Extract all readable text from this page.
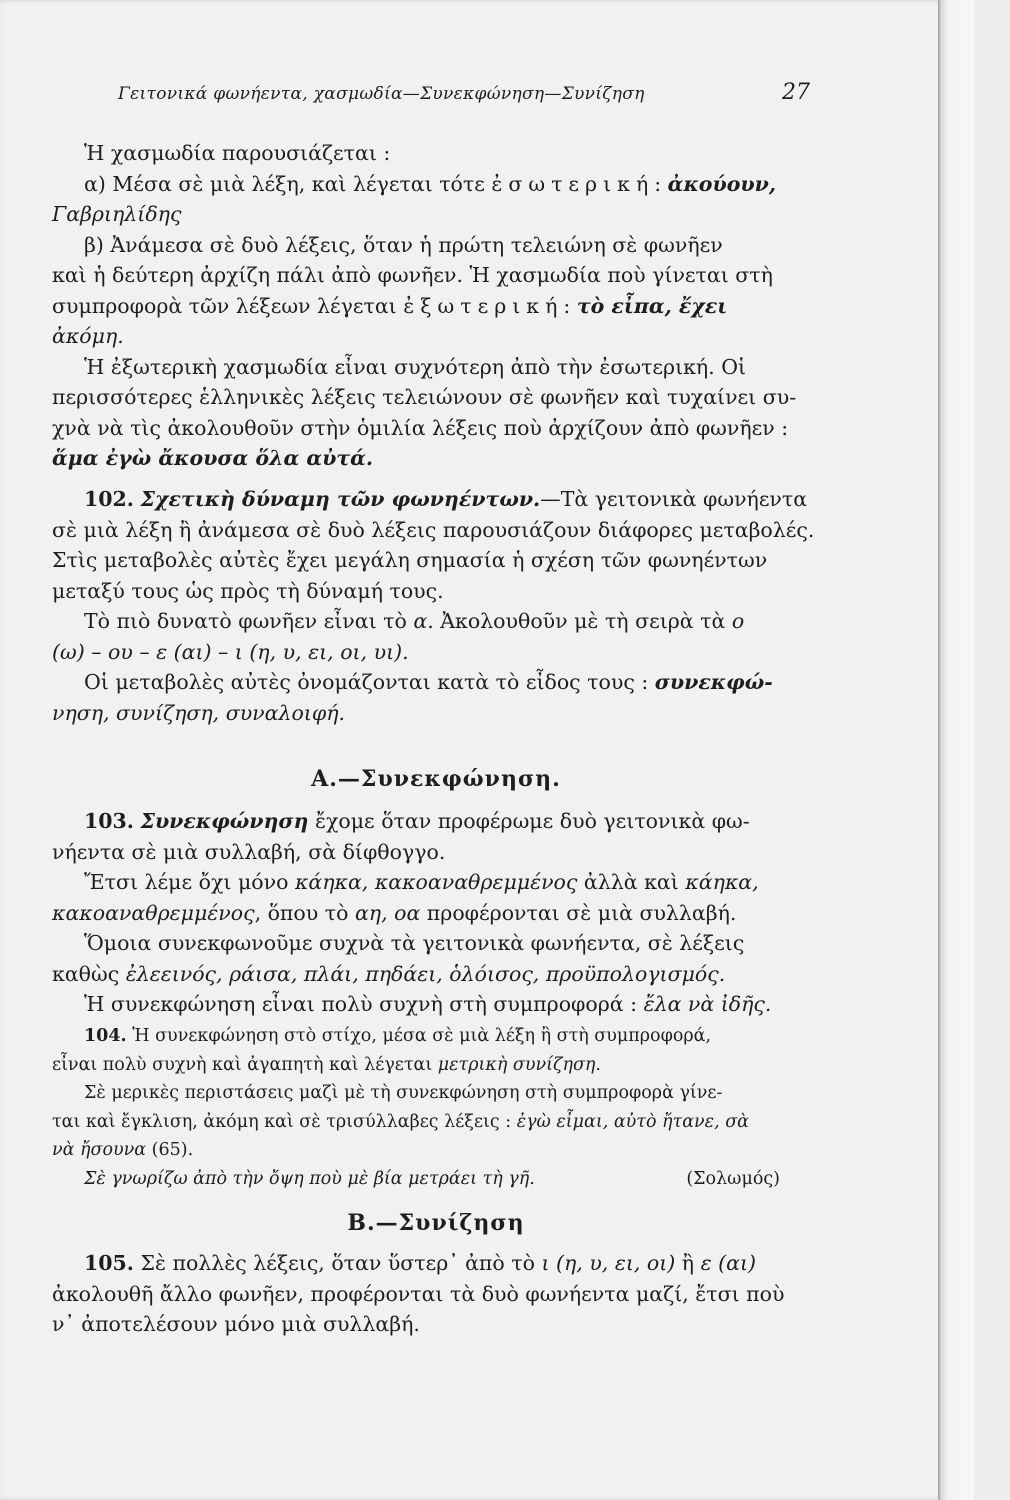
Γειτονικά φωνήεντα, χασμωδία—Συνεκφώνηση—Συνίζηση	27
Ἡ χασμωδία παρουσιάζεται :
α) Μέσα σὲ μιὰ λέξη, καὶ λέγεται τότε ἐσωτερική: ἀκούουν,
Γαβριηλίδης
β) Ἀνάμεσα σὲ δυὸ λέξεις, ὅταν ἡ πρώτη τελειώνη σὲ φωνῆεν
καὶ ἡ δεύτερη ἀρχίζη πάλι ἀπὸ φωνῆεν. Ἡ χασμωδία ποὺ γίνεται στὴ
συμπροφορὰ τῶν λέξεων λέγεται ἐξωτερική: τὸ εἶπα, ἔχει
ἀκόμη.
Ἡ ἐξωτερικὴ χασμωδία εἶναι συχνότερη ἀπὸ τὴν ἐσωτερική. Οἱ
περισσότερες ἑλληνικὲς λέξεις τελειώνουν σὲ φωνῆεν καὶ τυχαίνει συ-
χνὰ νὰ τὶς ἀκολουθοῦν στὴν ὁμιλία λέξεις ποὺ ἀρχίζουν ἀπὸ φωνῆεν :
ἅμα ἐγὼ ἄκουσα ὅλα αὐτά.
102. Σχετικὴ δύναμη τῶν φωνηέντων.—Τὰ γειτονικὰ φωνήεντα
σὲ μιὰ λέξη ἢ ἀνάμεσα σὲ δυὸ λέξεις παρουσιάζουν διάφορες μεταβολές.
Στὶς μεταβολὲς αὐτὲς ἔχει μεγάλη σημασία ἡ σχέση τῶν φωνηέντων
μεταξύ τους ὡς πρὸς τὴ δύναμή τους.
Τὸ πιὸ δυνατὸ φωνῆεν εἶναι τὸ α. Ἀκολουθοῦν μὲ τὴ σειρὰ τὰ ο
(ω) – ου – ε (αι) – ι (η, υ, ει, οι, υι).
Οἱ μεταβολὲς αὐτὲς ὀνομάζονται κατὰ τὸ εἶδος τους : συνεκφώ-
νηση, συνίζηση, συναλοιφή.
Α.—Συνεκφώνηση.
103. Συνεκφώνηση ἔχομε ὅταν προφέρωμε δυὸ γειτονικὰ φω-
νήεντα σὲ μιὰ συλλαβή, σὰ δίφθογγο.
Ἔτσι λέμε ὄχι μόνο κάηκα, κακοαναθρεμμένος ἀλλὰ καὶ κάηκα,
κακοαναθρεμμένος, ὅπου τὸ αη, οα προφέρονται σὲ μιὰ συλλαβή.
Ὅμοια συνεκφωνοῦμε συχνὰ τὰ γειτονικὰ φωνήεντα, σὲ λέξεις
καθὼς ἐλεεινός, ράισα, πλάι, πηδάει, ὁλόισος, προϋπολογισμός.
Ἡ συνεκφώνηση εἶναι πολὺ συχνὴ στὴ συμπροφορά : ἔλα νὰ ἰδῆς.
104. Ἡ συνεκφώνηση στὸ στίχο, μέσα σὲ μιὰ λέξη ἢ στὴ συμπροφορά,
εἶναι πολὺ συχνὴ καὶ ἀγαπητὴ καὶ λέγεται μετρικὴ συνίζηση.
Σὲ μερικὲς περιστάσεις μαζὶ μὲ τὴ συνεκφώνηση στὴ συμπροφορὰ γίνε-
ται καὶ ἔγκλιση, ἀκόμη καὶ σὲ τρισύλλαβες λέξεις : ἐγὼ εἶμαι, αὐτὸ ἤτανε, σὰ
νὰ ἤσουνα (65).
Σὲ γνωρίζω ἀπὸ τὴν ὄψη ποὺ μὲ βία μετράει τὴ γῆ.	(Σολωμός)
Β.—Συνίζηση
105. Σὲ πολλὲς λέξεις, ὅταν ὕστερ᾽ ἀπὸ τὸ ι (η, υ, ει, οι) ἢ ε (αι)
ἀκολουθῆ ἄλλο φωνῆεν, προφέρονται τὰ δυὸ φωνήεντα μαζί, ἔτσι ποὺ
ν᾽ ἀποτελέσουν μόνο μιὰ συλλαβή.
